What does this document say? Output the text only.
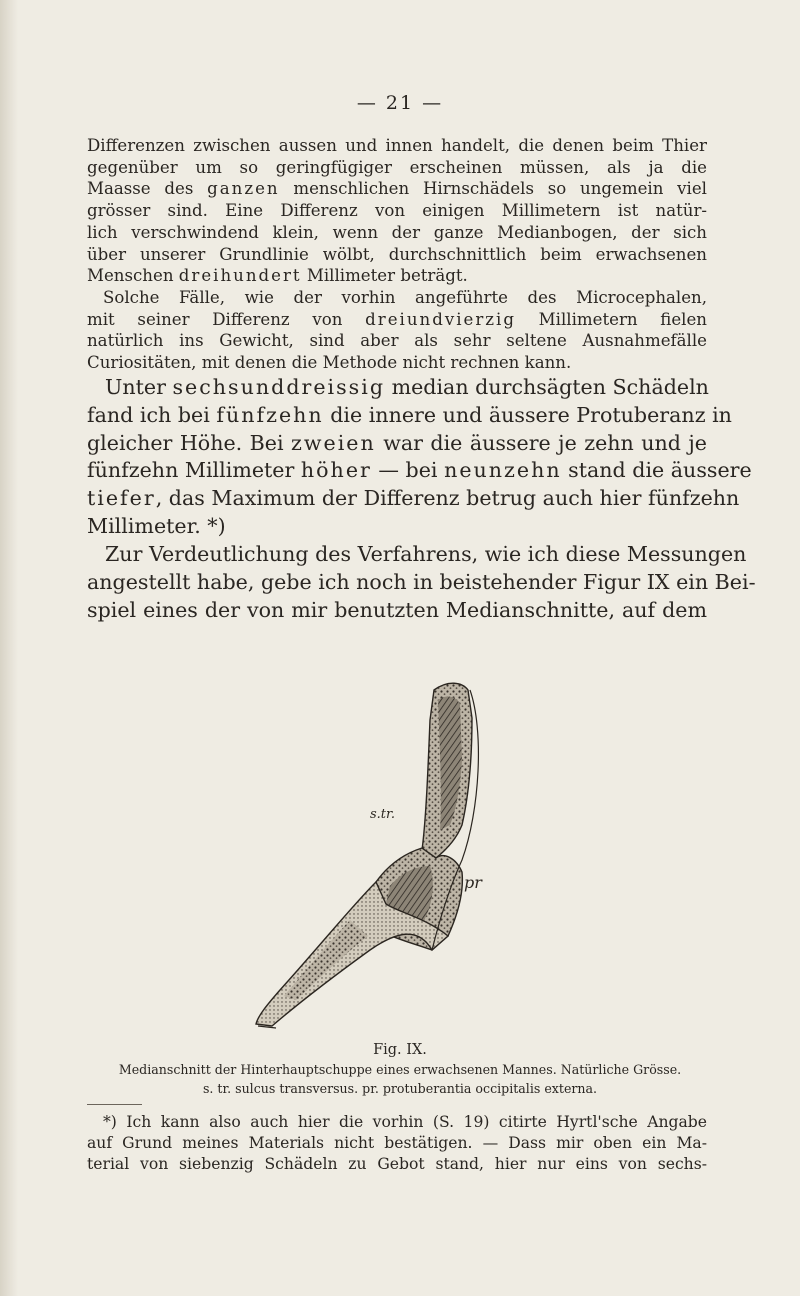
— 21 —
Differenzen zwischen aussen und innen handelt, die denen beim Thier
gegenüber um so geringfügiger erscheinen müssen, als ja die
Maasse des ganzen menschlichen Hirnschädels so ungemein viel
grösser sind. Eine Differenz von einigen Millimetern ist natür-
lich verschwindend klein, wenn der ganze Medianbogen, der sich
über unserer Grundlinie wölbt, durchschnittlich beim erwachsenen
Menschen dreihundert Millimeter beträgt.
Solche Fälle, wie der vorhin angeführte des Microcephalen,
mit seiner Differenz von dreiundvierzig Millimetern fielen
natürlich ins Gewicht, sind aber als sehr seltene Ausnahmefälle
Curiositäten, mit denen die Methode nicht rechnen kann.
Unter sechsunddreissig median durchsägten Schädeln
fand ich bei fünfzehn die innere und äussere Protuberanz in
gleicher Höhe. Bei zweien war die äussere je zehn und je
fünfzehn Millimeter höher — bei neunzehn stand die äussere
tiefer, das Maximum der Differenz betrug auch hier fünfzehn
Millimeter. *)
Zur Verdeutlichung des Verfahrens, wie ich diese Messungen
angestellt habe, gebe ich noch in beistehender Figur IX ein Bei-
spiel eines der von mir benutzten Medianschnitte, auf dem
s.tr.
pr
Fig. IX.
Medianschnitt der Hinterhauptschuppe eines erwachsenen Mannes. Natürliche Grösse.
s. tr. sulcus transversus. pr. protuberantia occipitalis externa.
*) Ich kann also auch hier die vorhin (S. 19) citirte Hyrtl'sche Angabe
auf Grund meines Materials nicht bestätigen. — Dass mir oben ein Ma-
terial von siebenzig Schädeln zu Gebot stand, hier nur eins von sechs-
